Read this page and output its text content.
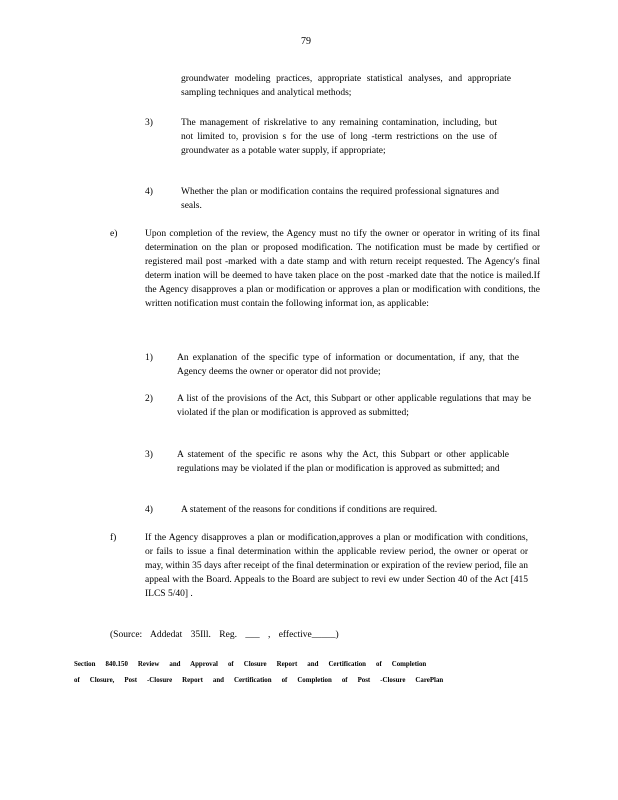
79

groundwater modeling practices, appropriate statistical analyses, and appropriate sampling techniques and analytical methods;

3)	The management of riskrelative to any remaining contamination, including, but not limited to, provision s for the use of long -term restrictions on the use of groundwater as a potable water supply, if appropriate;

4)	Whether the plan or modification contains the required professional signatures and seals.

e)	Upon completion of the review, the Agency must no tify the owner or operator in writing of its final determination on the plan or proposed modification. The notification must be made by certified or registered mail post -marked with a date stamp and with return receipt requested. The Agency's final determ ination will be deemed to have taken place on the post -marked date that the notice is mailed.If the Agency disapproves a plan or modification or approves a plan or modification with conditions, the written notification must contain the following informat ion, as applicable:

1)	An explanation of the specific type of information or documentation, if any, that the Agency deems the owner or operator did not provide;

2)	A list of the provisions of the Act, this Subpart or other applicable regulations that may be violated if the plan or modification is approved as submitted;

3)	A statement of the specific re asons why the Act, this Subpart or other applicable regulations may be violated if the plan or modification is approved as submitted; and

4)	A statement of the reasons for conditions if conditions are required.

f)	If the Agency disapproves a plan or modification,approves a plan or modification with conditions, or fails to issue a final determination within the applicable review period, the owner or operat or may, within 35 days after receipt of the final determination or expiration of the review period, file an appeal with the Board. Appeals to the Board are subject to revi ew under Section 40 of the Act [415 ILCS 5/40] .

(Source: Addedat 35Ill. Reg. ___ , effective_____)

Section 840.150 Review and Approval of Closure Report and Certification of Completion
of Closure, Post -Closure Report and Certification of Completion of Post -Closure CarePlan
